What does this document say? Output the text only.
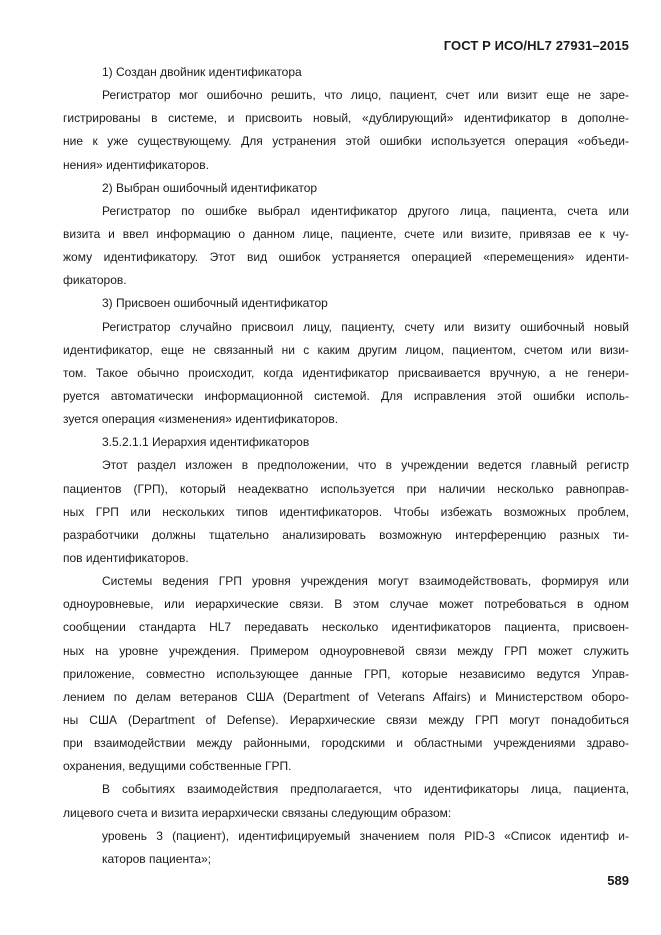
ГОСТ Р ИСО/HL7 27931–2015
1) Создан двойник идентификатора
Регистратор мог ошибочно решить, что лицо, пациент, счет или визит еще не заре-
гистрированы в системе, и присвоить новый, «дублирующий» идентификатор в дополне-
ние к уже существующему. Для устранения этой ошибки используется операция «объеди-
нения» идентификаторов.
2) Выбран ошибочный идентификатор
Регистратор по ошибке выбрал идентификатор другого лица, пациента, счета или
визита и ввел информацию о данном лице, пациенте, счете или визите, привязав ее к чу-
жому идентификатору. Этот вид ошибок устраняется операцией «перемещения» иденти-
фикаторов.
3) Присвоен ошибочный идентификатор
Регистратор случайно присвоил лицу, пациенту, счету или визиту ошибочный новый
идентификатор, еще не связанный ни с каким другим лицом, пациентом, счетом или визи-
том. Такое обычно происходит, когда идентификатор присваивается вручную, а не генери-
руется автоматически информационной системой. Для исправления этой ошибки исполь-
зуется операция «изменения» идентификаторов.
3.5.2.1.1 Иерархия идентификаторов
Этот раздел изложен в предположении, что в учреждении ведется главный регистр
пациентов (ГРП), который неадекватно используется при наличии несколько равноправ-
ных ГРП или нескольких типов идентификаторов. Чтобы избежать возможных проблем,
разработчики должны тщательно анализировать возможную интерференцию разных ти-
пов идентификаторов.
Системы ведения ГРП уровня учреждения могут взаимодействовать, формируя или
одноуровневые, или иерархические связи. В этом случае может потребоваться в одном
сообщении стандарта HL7 передавать несколько идентификаторов пациента, присвоен-
ных на уровне учреждения. Примером одноуровневой связи между ГРП может служить
приложение, совместно использующее данные ГРП, которые независимо ведутся Управ-
лением по делам ветеранов США (Department of Veterans Affairs) и Министерством оборо-
ны США (Department of Defense). Иерархические связи между ГРП могут понадобиться
при взаимодействии между районными, городскими и областными учреждениями здраво-
охранения, ведущими собственные ГРП.
В событиях взаимодействия предполагается, что идентификаторы лица, пациента,
лицевого счета и визита иерархически связаны следующим образом:
уровень 3 (пациент), идентифицируемый значением поля PID-3 «Список идентиф и-
каторов пациента»;
589
